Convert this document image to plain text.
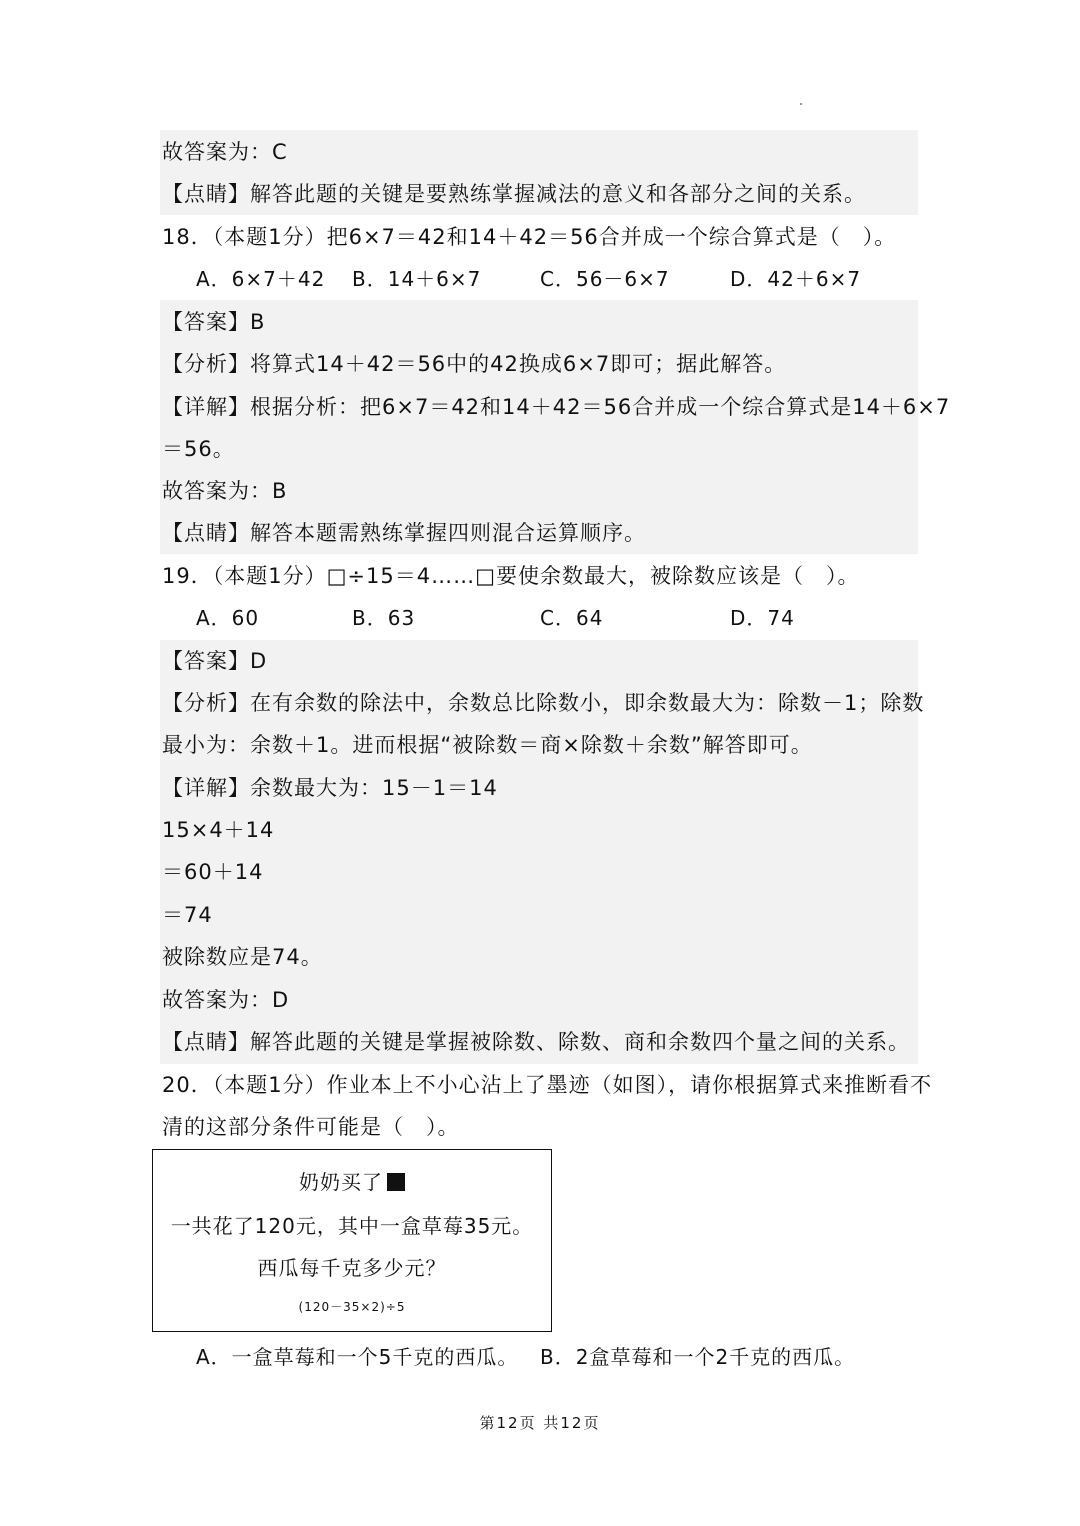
故答案为：C
【点睛】解答此题的关键是要熟练掌握减法的意义和各部分之间的关系。
18．（本题1分）把6×7＝42和14＋42＝56合并成一个综合算式是（　）。
A．6×7＋42 B．14＋6×7	C．56－6×7	D．42＋6×7
【答案】B
【分析】将算式14＋42＝56中的42换成6×7即可；据此解答。
【详解】根据分析：把6×7＝42和14＋42＝56合并成一个综合算式是14＋6×7
＝56。
故答案为：B
【点睛】解答本题需熟练掌握四则混合运算顺序。
19．（本题1分）□÷15＝4……□要使余数最大，被除数应该是（　）。
A．60	B．63	C．64	D．74
【答案】D
【分析】在有余数的除法中，余数总比除数小，即余数最大为：除数－1；除数
最小为：余数＋1。进而根据“被除数＝商×除数＋余数”解答即可。
【详解】余数最大为：15－1＝14
15×4＋14
＝60＋14
＝74
被除数应是74。
故答案为：D
【点睛】解答此题的关键是掌握被除数、除数、商和余数四个量之间的关系。
20．（本题1分）作业本上不小心沾上了墨迹（如图），请你根据算式来推断看不
清的这部分条件可能是（　）。
奶奶买了
一共花了120元，其中一盒草莓35元。
西瓜每千克多少元？
(120－35×2)÷5
A．一盒草莓和一个5千克的西瓜。 B．2盒草莓和一个2千克的西瓜。
第12页 共12页
